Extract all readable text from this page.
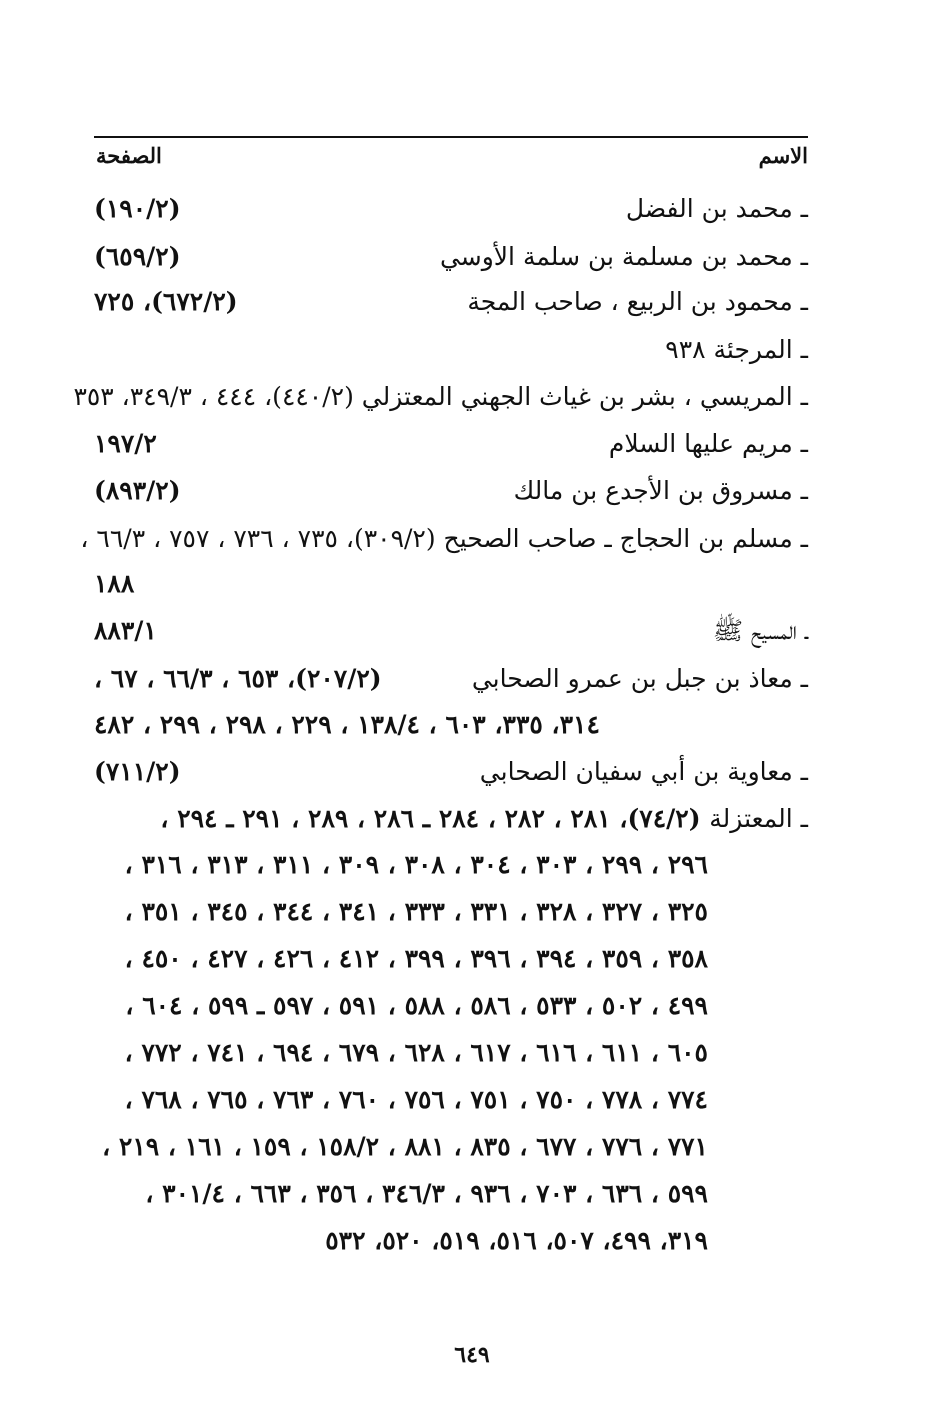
الاسم
الصفحة
ـ محمد بن الفضل
(١٩٠/٢)
ـ محمد بن مسلمة بن سلمة الأوسي
(٦٥٩/٢)
ـ محمود بن الربيع ، صاحب المجة
(٦٧٢/٢)، ٧٢٥
ـ المرجئة ٩٣٨
ـ المريسي ، بشر بن غياث الجهني المعتزلي (٤٤٠/٢)، ٤٤٤ ، ٣٤٩/٣، ٣٥٣
ـ مريم عليها السلام
١٩٧/٢
ـ مسروق بن الأجدع بن مالك
(٨٩٣/٢)
ـ مسلم بن الحجاج ـ صاحب الصحيح (٣٠٩/٢)، ٧٣٥ ، ٧٣٦ ، ٧٥٧ ، ٦٦/٣ ،
١٨٨
ـ المسيح ﷺ
٨٨٣/١
ـ معاذ بن جبل بن عمرو الصحابي
(٢٠٧/٢)، ٦٥٣ ، ٦٦/٣ ، ٦٧ ،
٣١٤، ٣٣٥، ٦٠٣ ، ١٣٨/٤ ، ٢٢٩ ، ٢٩٨ ، ٢٩٩ ، ٤٨٢
ـ معاوية بن أبي سفيان الصحابي
(٧١١/٢)
ـ المعتزلة (٧٤/٢)، ٢٨١ ، ٢٨٢ ، ٢٨٤ ـ ٢٨٦ ، ٢٨٩ ، ٢٩١ ـ ٢٩٤ ،
٢٩٦ ، ٢٩٩ ، ٣٠٣ ، ٣٠٤ ، ٣٠٨ ، ٣٠٩ ، ٣١١ ، ٣١٣ ، ٣١٦ ،
٣٢٥ ، ٣٢٧ ، ٣٢٨ ، ٣٣١ ، ٣٣٣ ، ٣٤١ ، ٣٤٤ ، ٣٤٥ ، ٣٥١ ،
٣٥٨ ، ٣٥٩ ، ٣٩٤ ، ٣٩٦ ، ٣٩٩ ، ٤١٢ ، ٤٢٦ ، ٤٢٧ ، ٤٥٠ ،
٤٩٩ ، ٥٠٢ ، ٥٣٣ ، ٥٨٦ ، ٥٨٨ ، ٥٩١ ، ٥٩٧ ـ ٥٩٩ ، ٦٠٤ ،
٦٠٥ ، ٦١١ ، ٦١٦ ، ٦١٧ ، ٦٢٨ ، ٦٧٩ ، ٦٩٤ ، ٧٤١ ، ٧٧٢ ،
٧٧٤ ، ٧٧٨ ، ٧٥٠ ، ٧٥١ ، ٧٥٦ ، ٧٦٠ ، ٧٦٣ ، ٧٦٥ ، ٧٦٨ ،
٧٧١ ، ٧٧٦ ، ٦٧٧ ، ٨٣٥ ، ٨٨١ ، ١٥٨/٢ ، ١٥٩ ، ١٦١ ، ٢١٩ ،
٥٩٩ ، ٦٣٦ ، ٧٠٣ ، ٩٣٦ ، ٣٤٦/٣ ، ٣٥٦ ، ٦٦٣ ، ٣٠١/٤ ،
٣١٩، ٤٩٩، ٥٠٧، ٥١٦، ٥١٩، ٥٢٠، ٥٣٢
٦٤٩
